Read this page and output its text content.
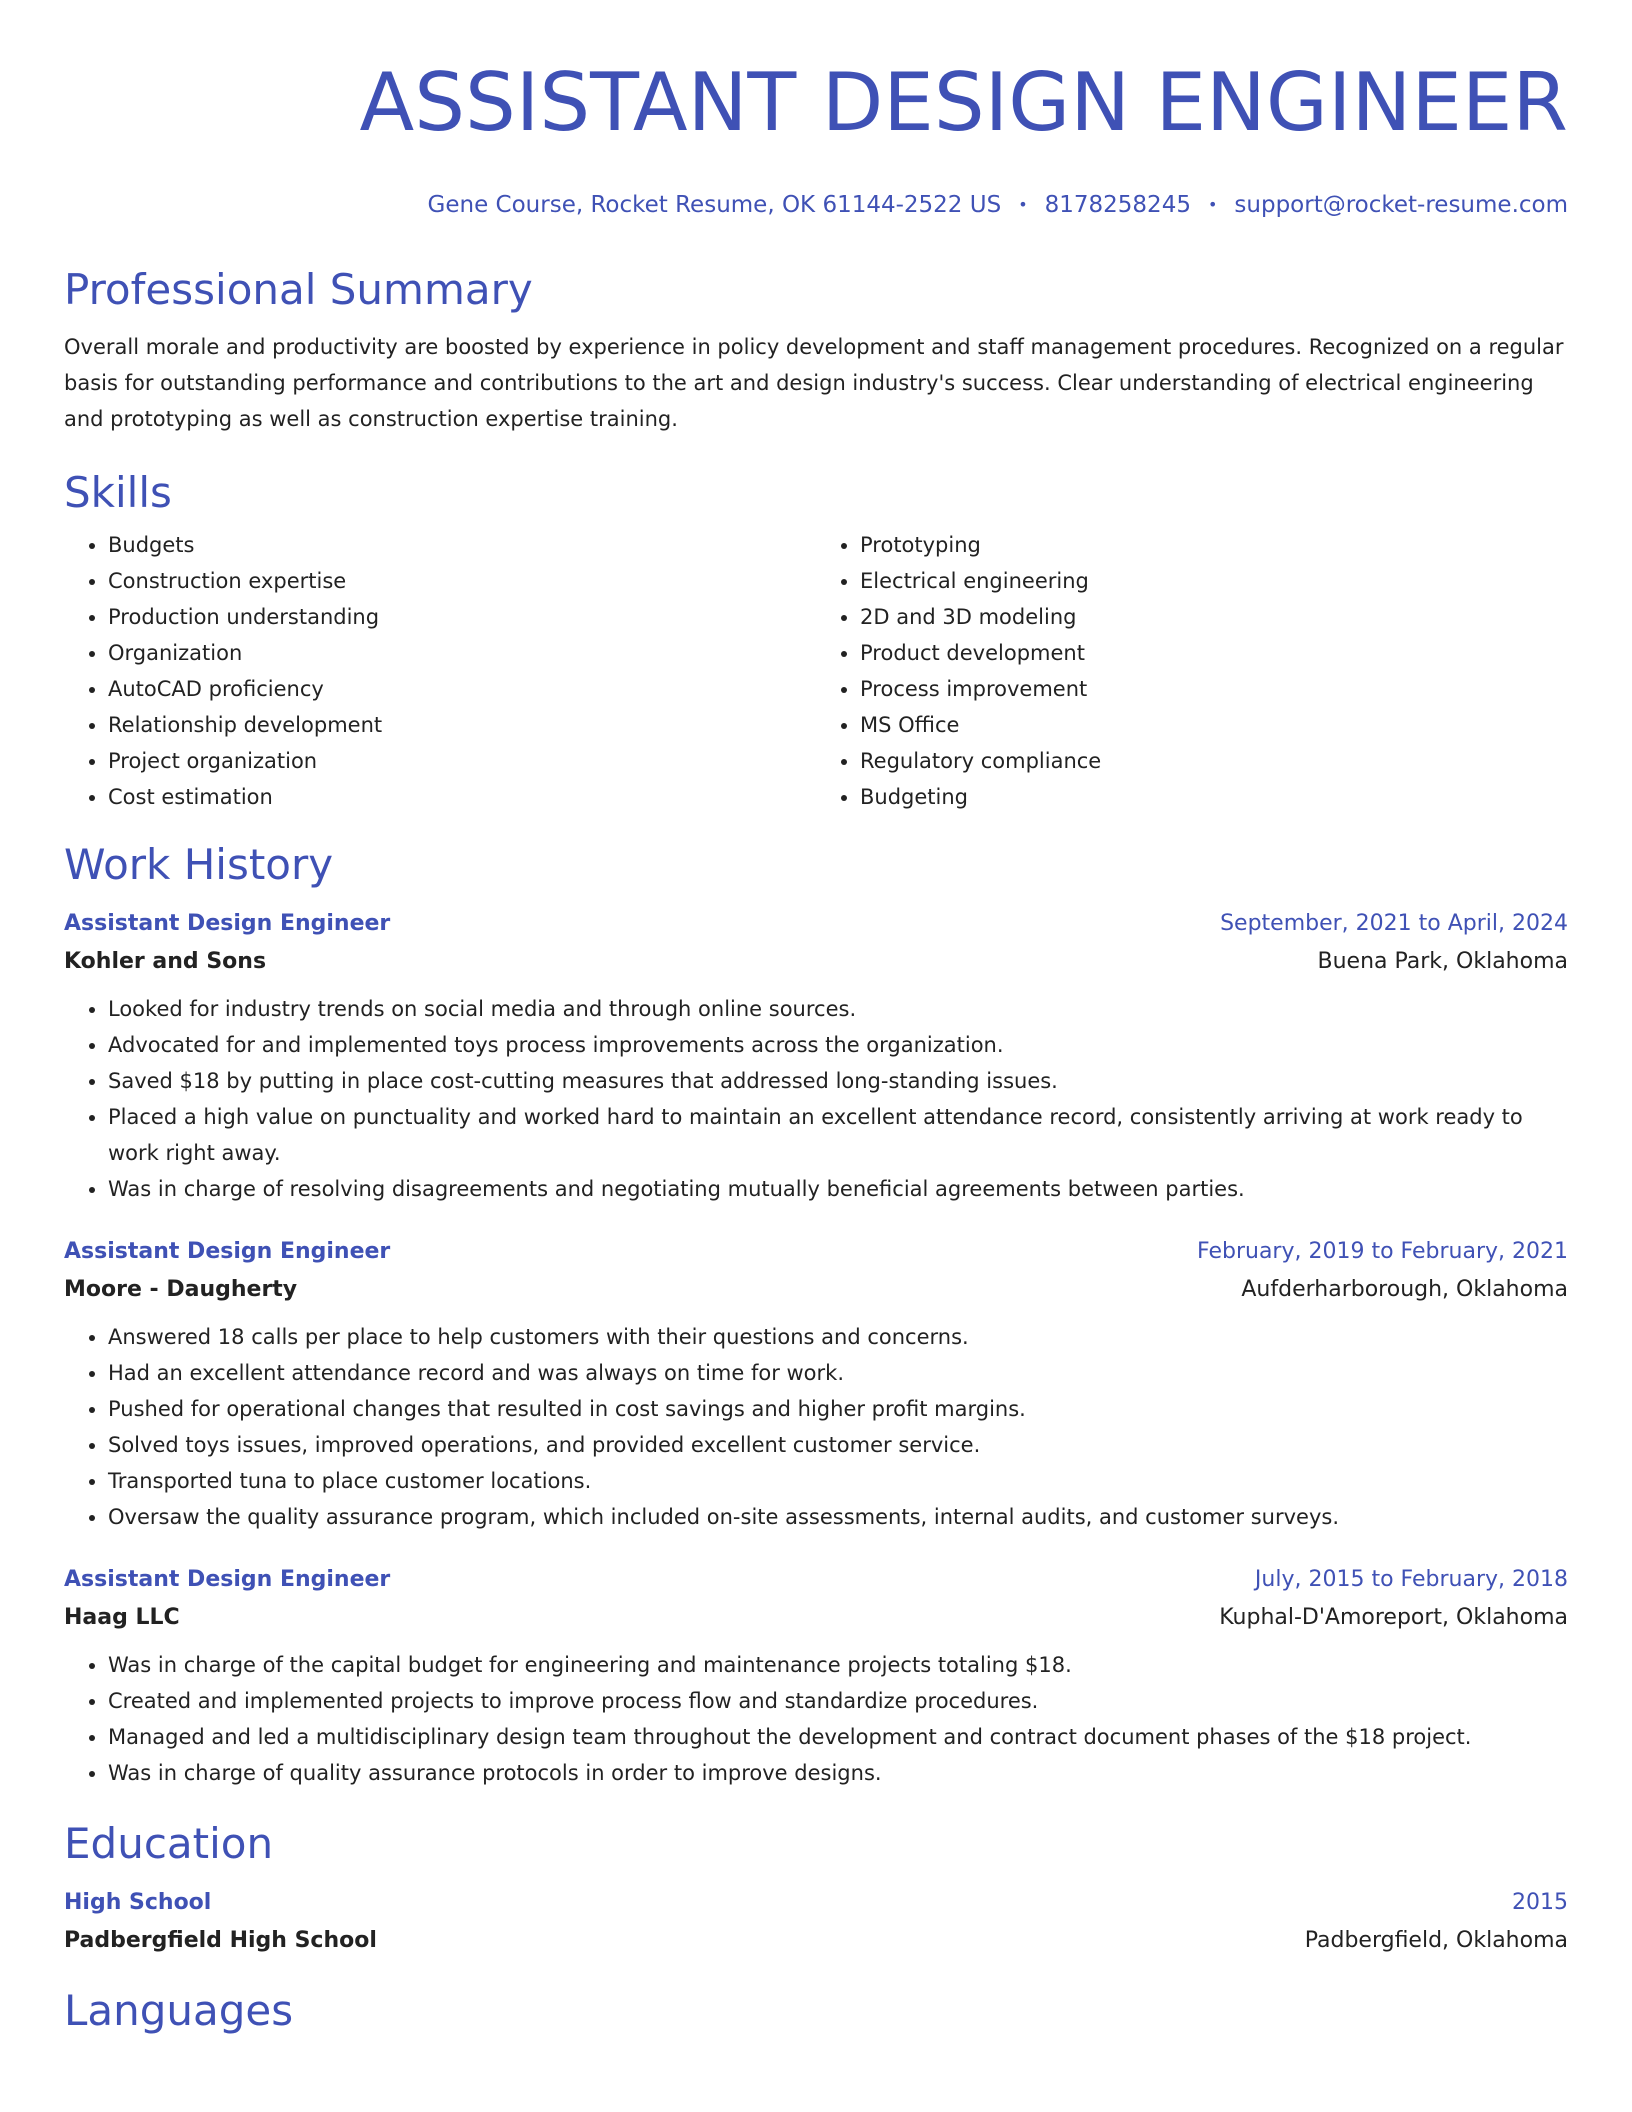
ASSISTANT DESIGN ENGINEER
Gene Course, Rocket Resume, OK 61144-2522 US • 8178258245 • support@rocket-resume.com
Professional Summary

Overall morale and productivity are boosted by experience in policy development and staff management procedures. Recognized on a regular basis for outstanding performance and contributions to the art and design industry's success. Clear understanding of electrical engineering and prototyping as well as construction expertise training.

Skills
• Budgets
• Construction expertise
• Production understanding
• Organization
• AutoCAD proficiency
• Relationship development
• Project organization
• Cost estimation
• Prototyping
• Electrical engineering
• 2D and 3D modeling
• Product development
• Process improvement
• MS Office
• Regulatory compliance
• Budgeting
Work History
Assistant Design Engineer	September, 2021 to April, 2024
Kohler and Sons	Buena Park, Oklahoma
• Looked for industry trends on social media and through online sources.
• Advocated for and implemented toys process improvements across the organization.
• Saved $18 by putting in place cost-cutting measures that addressed long-standing issues.
• Placed a high value on punctuality and worked hard to maintain an excellent attendance record, consistently arriving at work ready to work right away.
• Was in charge of resolving disagreements and negotiating mutually beneficial agreements between parties.
Assistant Design Engineer	February, 2019 to February, 2021
Moore - Daugherty	Aufderharborough, Oklahoma
• Answered 18 calls per place to help customers with their questions and concerns.
• Had an excellent attendance record and was always on time for work.
• Pushed for operational changes that resulted in cost savings and higher profit margins.
• Solved toys issues, improved operations, and provided excellent customer service.
• Transported tuna to place customer locations.
• Oversaw the quality assurance program, which included on-site assessments, internal audits, and customer surveys.
Assistant Design Engineer	July, 2015 to February, 2018
Haag LLC	Kuphal-D'Amoreport, Oklahoma
• Was in charge of the capital budget for engineering and maintenance projects totaling $18.
• Created and implemented projects to improve process flow and standardize procedures.
• Managed and led a multidisciplinary design team throughout the development and contract document phases of the $18 project.
• Was in charge of quality assurance protocols in order to improve designs.
Education
High School	2015
Padbergfield High School	Padbergfield, Oklahoma
Languages
